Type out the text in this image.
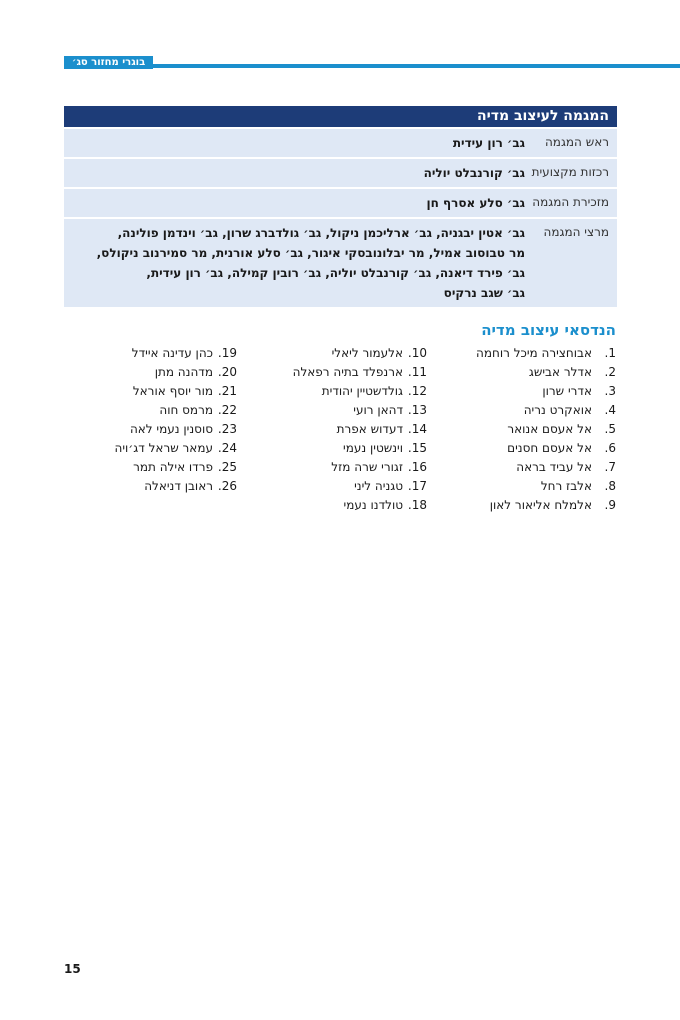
בוגרי מחזור סג׳
המגמה לעיצוב מדיה
ראש המגמה
גב׳ רון עידית
רכזות מקצועית
גב׳ קורנבלט יוליה
מזכירת המגמה
גב׳ סלע אסרף חן
מרצי המגמה
גב׳ אטין יבגניה, גב׳ ארליכמן ניקול, גב׳ גולדברג שרון, גב׳ וינדמן פולינה,
מר טבוסוב אמיל, מר יבלונובסקי איגור, גב׳ סלע אורנית, מר סמירנוב ניקולס,
גב׳ פירד דיאנה, גב׳ קורנבלט יוליה, גב׳ רובין קמילה, גב׳ רון עידית,
גב׳ שגב נרקיס
הנדסאי עיצוב מדיה
1.אבוחצירה מיכל רוחמה
2.אדלר אבישג
3.אדרי שרון
4.אואקרט נריה
5.אל אעסם אנואר
6.אל אעסם חסנים
7.אל עביד בראה
8.אלבז רחל
9.אלמלח אליאור לאון
10.אלעמור ליאלי
11.ארנפלד בתיה רפאלה
12.גולדשטיין יהודית
13.דהאן רועי
14.דעדוש אפרת
15.וינשטין נעמי
16.זגורי שרה מזל
17.טגניה ליני
18.טולדנו נעמי
19.כהן עדינה איידל
20.מדהנה מתן
21.מור יוסף אוראל
22.מרמס חוה
23.סוסנין נעמי לאה
24.עמאר שראל דג׳ויה
25.פרדו אילה תמר
26.ראובן דניאלה
15
